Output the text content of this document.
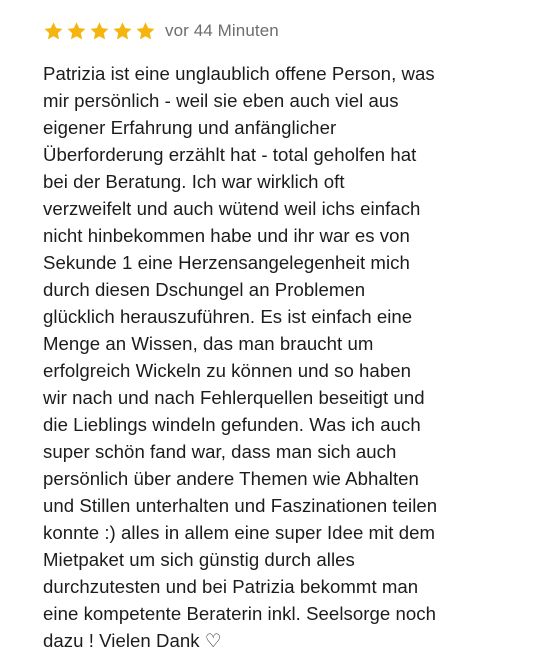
vor 44 Minuten
Patrizia ist eine unglaublich offene Person, was
mir persönlich - weil sie eben auch viel aus
eigener Erfahrung und anfänglicher
Überforderung erzählt hat - total geholfen hat
bei der Beratung. Ich war wirklich oft
verzweifelt und auch wütend weil ichs einfach
nicht hinbekommen habe und ihr war es von
Sekunde 1 eine Herzensangelegenheit mich
durch diesen Dschungel an Problemen
glücklich herauszuführen. Es ist einfach eine
Menge an Wissen, das man braucht um
erfolgreich Wickeln zu können und so haben
wir nach und nach Fehlerquellen beseitigt und
die Lieblings windeln gefunden. Was ich auch
super schön fand war, dass man sich auch
persönlich über andere Themen wie Abhalten
und Stillen unterhalten und Faszinationen teilen
konnte :) alles in allem eine super Idee mit dem
Mietpaket um sich günstig durch alles
durchzutesten und bei Patrizia bekommt man
eine kompetente Beraterin inkl. Seelsorge noch
dazu ! Vielen Dank ♡
